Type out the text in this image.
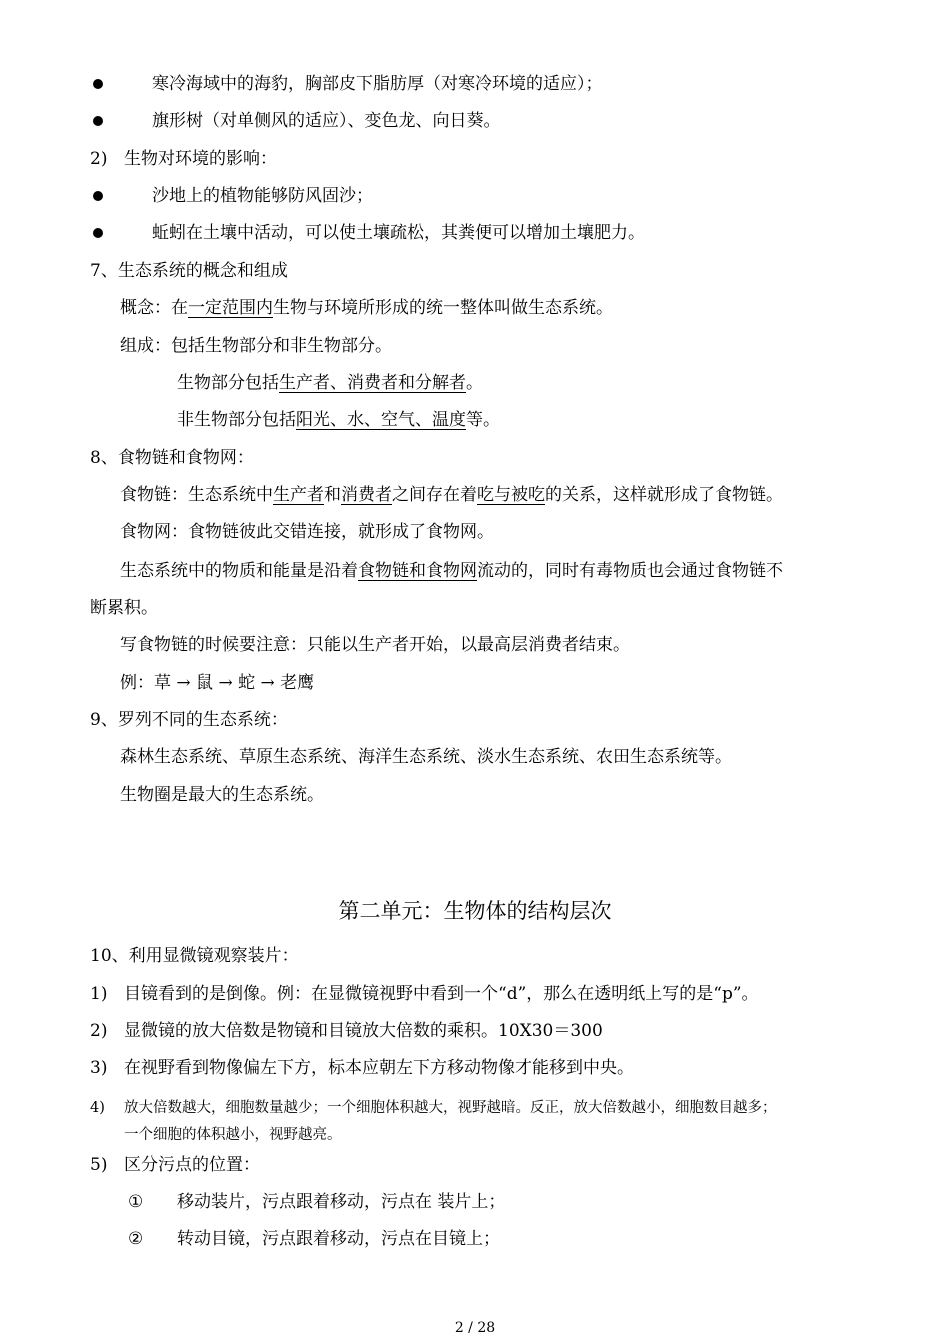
寒冷海域中的海豹，胸部皮下脂肪厚（对寒冷环境的适应）；
旗形树（对单侧风的适应）、变色龙、向日葵。
2) 生物对环境的影响：
沙地上的植物能够防风固沙；
蚯蚓在土壤中活动，可以使土壤疏松，其粪便可以增加土壤肥力。
7、生态系统的概念和组成
概念：在一定范围内生物与环境所形成的统一整体叫做生态系统。
组成：包括生物部分和非生物部分。
生物部分包括生产者、消费者和分解者。
非生物部分包括阳光、水、空气、温度等。
8、食物链和食物网：
食物链：生态系统中生产者和消费者之间存在着吃与被吃的关系，这样就形成了食物链。
食物网：食物链彼此交错连接，就形成了食物网。
生态系统中的物质和能量是沿着食物链和食物网流动的，同时有毒物质也会通过食物链不
断累积。
写食物链的时候要注意：只能以生产者开始，以最高层消费者结束。
例：草 → 鼠 → 蛇 → 老鹰
9、罗列不同的生态系统：
森林生态系统、草原生态系统、海洋生态系统、淡水生态系统、农田生态系统等。
生物圈是最大的生态系统。
第二单元：生物体的结构层次
10、利用显微镜观察装片：
1) 目镜看到的是倒像。例：在显微镜视野中看到一个“d”，那么在透明纸上写的是“p”。
2) 显微镜的放大倍数是物镜和目镜放大倍数的乘积。10X30＝300
3) 在视野看到物像偏左下方，标本应朝左下方移动物像才能移到中央。
4) 放大倍数越大，细胞数量越少；一个细胞体积越大，视野越暗。反正，放大倍数越小，细胞数目越多；
一个细胞的体积越小，视野越亮。
5) 区分污点的位置：
① 移动装片，污点跟着移动，污点在 装片上；
② 转动目镜，污点跟着移动，污点在目镜上；
2 / 28
